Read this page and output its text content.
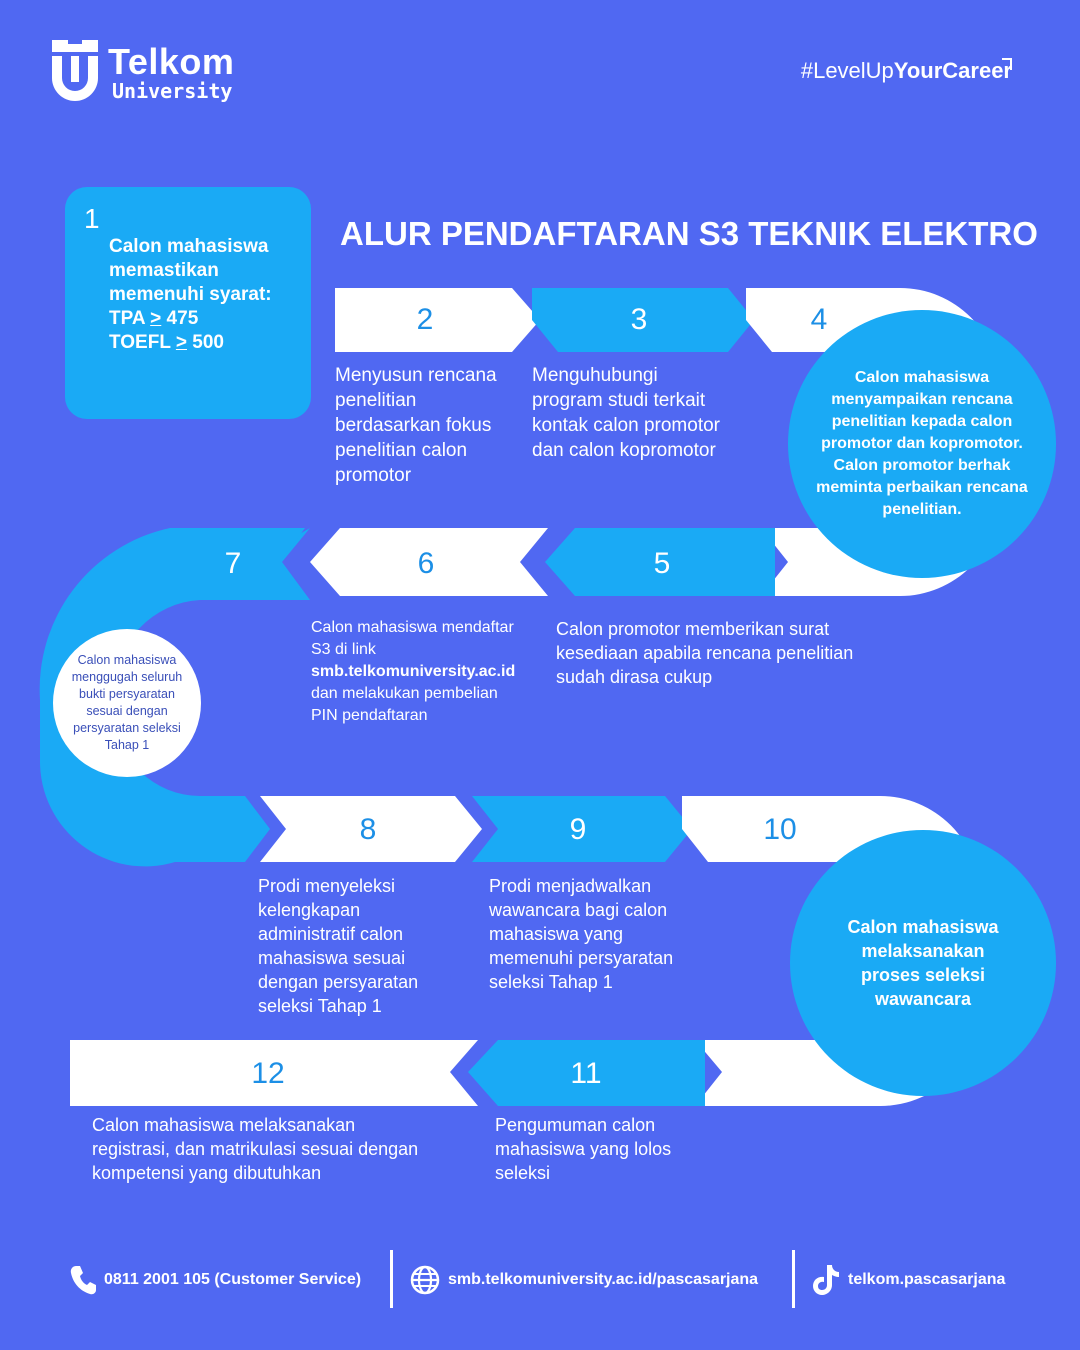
Telkom
University
#LevelUpYourCareer
ALUR PENDAFTARAN S3 TEKNIK ELEKTRO
1
Calon mahasiswa
memastikan
memenuhi syarat:
TPA > 475
TOEFL > 500
2	3	4
5
6
7
8	9	10
11
12
Menyusun rencana
penelitian
berdasarkan fokus
penelitian calon
promotor
Menguhubungi
program studi terkait
kontak calon promotor
dan calon kopromotor
Calon mahasiswa
menyampaikan rencana
penelitian kepada calon
promotor dan kopromotor.
Calon promotor berhak
meminta perbaikan rencana
penelitian.
Calon promotor memberikan surat
kesediaan apabila rencana penelitian
sudah dirasa cukup
Calon mahasiswa mendaftar
S3 di link
smb.telkomuniversity.ac.id
dan melakukan pembelian
PIN pendaftaran
Calon mahasiswa
menggugah seluruh
bukti persyaratan
sesuai dengan
persyaratan seleksi
Tahap 1
Prodi menyeleksi
kelengkapan
administratif calon
mahasiswa sesuai
dengan persyaratan
seleksi Tahap 1
Prodi menjadwalkan
wawancara bagi calon
mahasiswa yang
memenuhi persyaratan
seleksi Tahap 1
Calon mahasiswa
melaksanakan
proses seleksi
wawancara
Pengumuman calon
mahasiswa yang lolos
seleksi
Calon mahasiswa melaksanakan
registrasi, dan matrikulasi sesuai dengan
kompetensi yang dibutuhkan
0811 2001 105 (Customer Service)	smb.telkomuniversity.ac.id/pascasarjana	telkom.pascasarjana
